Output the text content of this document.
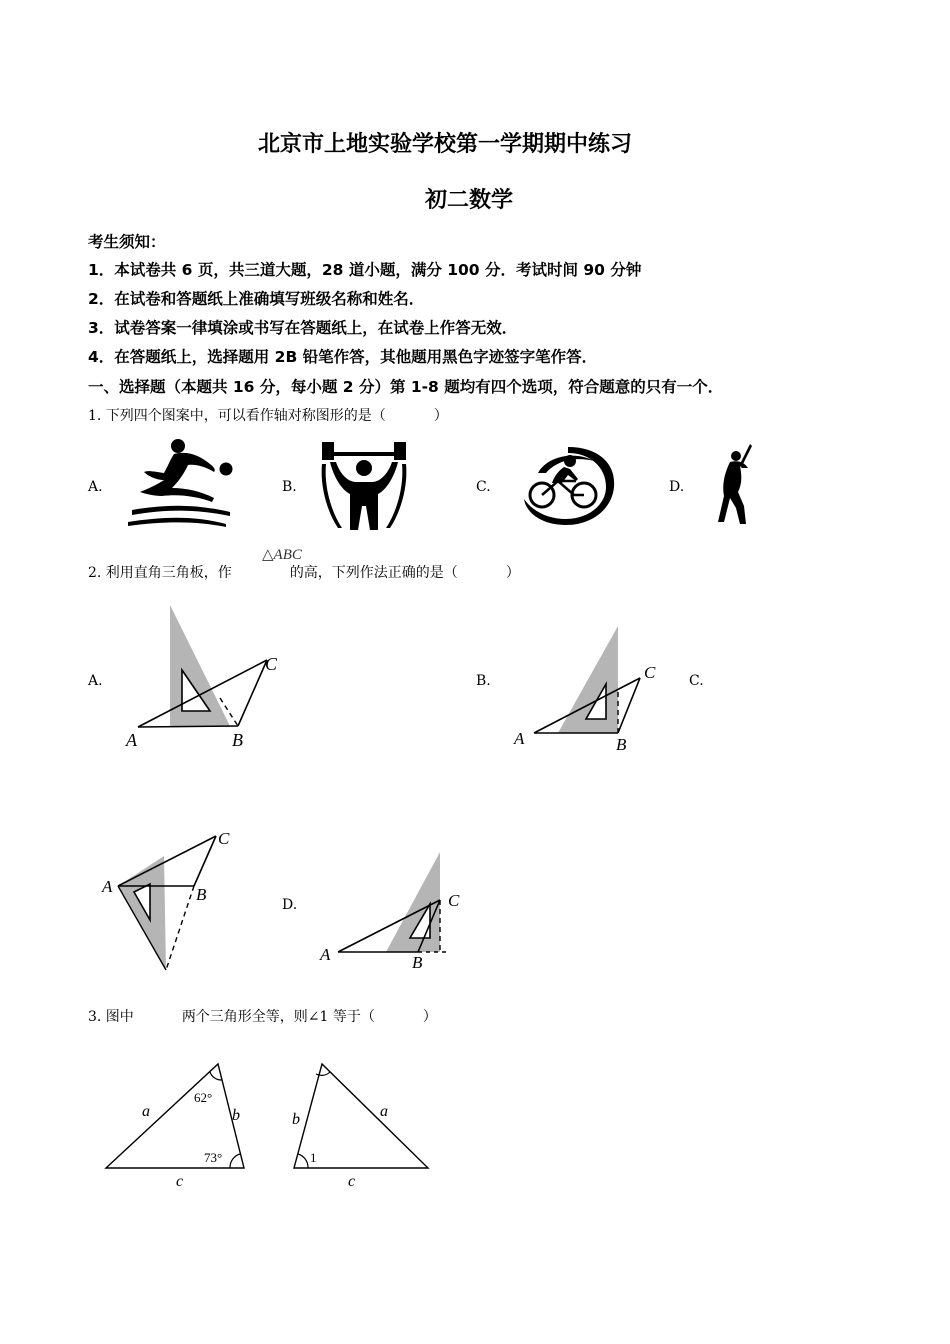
北京市上地实验学校第一学期期中练习
初二数学
考生须知：
1．本试卷共 6 页，共三道大题，28 道小题，满分 100 分．考试时间 90 分钟
2．在试卷和答题纸上准确填写班级名称和姓名．
3．试卷答案一律填涂或书写在答题纸上，在试卷上作答无效．
4．在答题纸上，选择题用 2B 铅笔作答，其他题用黑色字迹签字笔作答．
一、选择题（本题共 16 分，每小题 2 分）第 1-8 题均有四个选项，符合题意的只有一个．
1. 下列四个图案中，可以看作轴对称图形的是（	）
A.	B.	C.	D.
2. 利用直角三角板，作	的高，下列作法正确的是（	）
△ABC
A.	B.	C.
D.
A	B
C
A	B
C
A	B
C
A	B
C
3. 图中	两个三角形全等，则∠1 等于（	）
62°
73°
a	b
c
1
a
b
c
